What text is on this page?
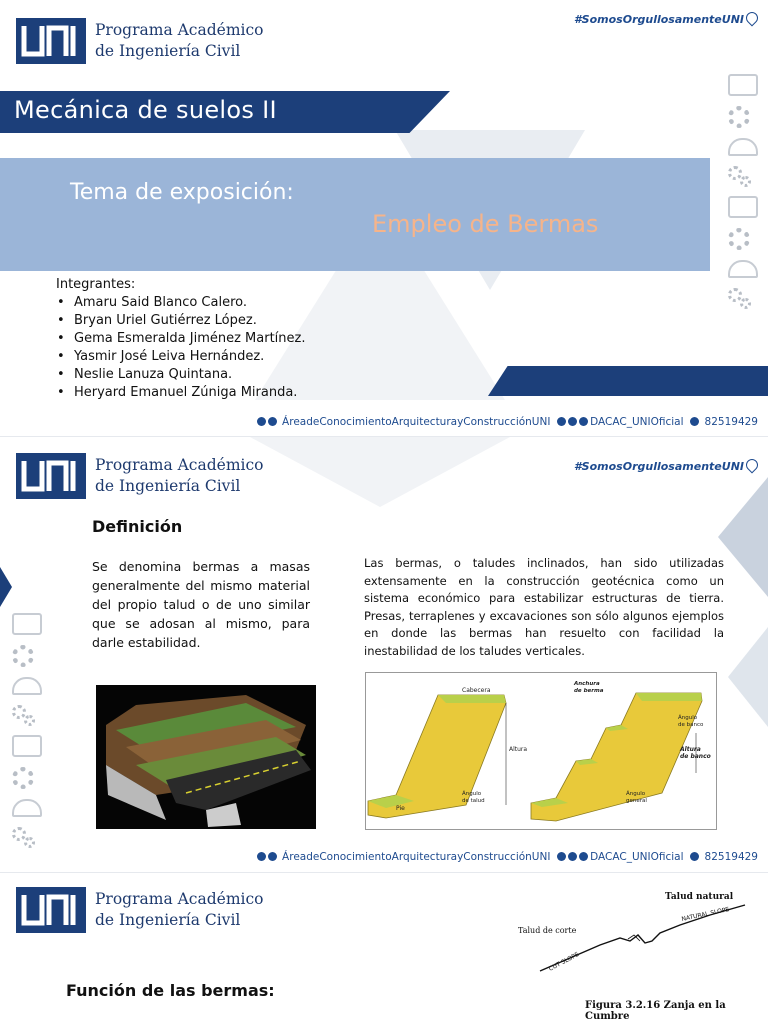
Programa Académico
de Ingeniería Civil
#SomosOrgullosamenteUNI
Mecánica de suelos II
Tema de exposición:
Empleo de Bermas
Integrantes:
• Amaru Said Blanco Calero.
• Bryan Uriel Gutiérrez López.
• Gema Esmeralda Jiménez Martínez.
• Yasmir José Leiva Hernández.
• Neslie Lanuza Quintana.
• Heryard Emanuel Zúniga Miranda.
ÁreadeConocimientoArquitecturayConstrucciónUNI	DACAC_UNIOficial 82519429
Programa Académico
de Ingeniería Civil
#SomosOrgullosamenteUNI
Definición
Se denomina bermas a masas generalmente del mismo material del propio talud o de uno similar que se adosan al mismo, para darle estabilidad.
Las bermas, o taludes inclinados, han sido utilizadas extensamente en la construcción geotécnica como un sistema económico para estabilizar estructuras de tierra. Presas, terraplenes y excavaciones son sólo algunos ejemplos en donde las bermas han resuelto con facilidad la inestabilidad de los taludes verticales.
Cabecera
Altura
Pie
Ángulo
de talud
Anchura
de berma
Ángulo
de banco
Altura
de banco
Ángulo
general
ÁreadeConocimientoArquitecturayConstrucciónUNI	DACAC_UNIOficial 82519429
Programa Académico
de Ingeniería Civil
Talud natural
Talud de corte
NATURAL SLOPE
CUT SLOPE
Función de las bermas:
Figura 3.2.16 Zanja en la Cumbre
